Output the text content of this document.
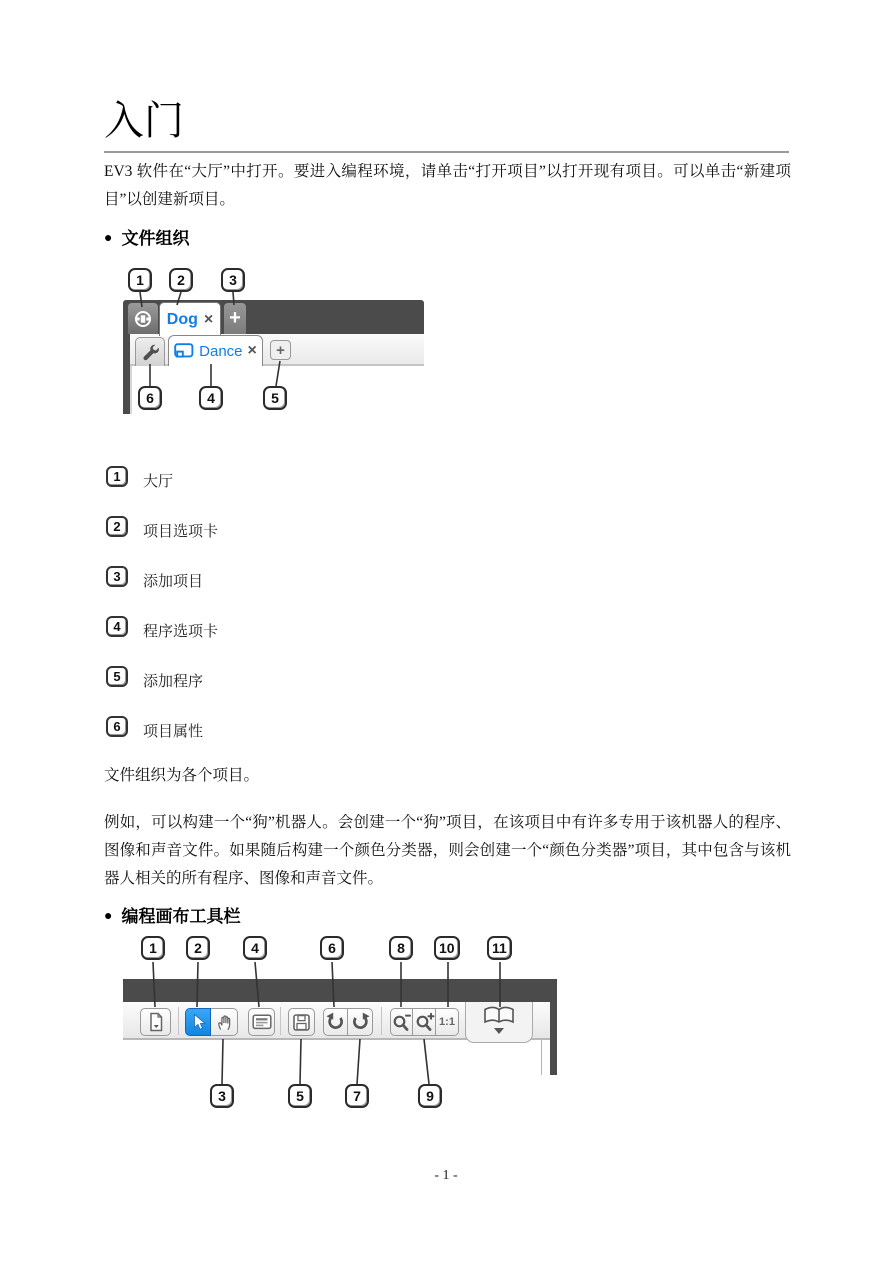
入门
EV3 软件在“大厅”中打开。要进入编程环境，请单击“打开项目”以打开现有项目。可以单击“新建项目”以创建新项目。
● 文件组织
1	2	3
Dog × +
Dance × +
6	4	5
1	大厅
2	项目选项卡
3	添加项目
4	程序选项卡
5	添加程序
6	项目属性
文件组织为各个项目。
例如，可以构建一个“狗”机器人。会创建一个“狗”项目，在该项目中有许多专用于该机器人的程序、图像和声音文件。如果随后构建一个颜色分类器，则会创建一个“颜色分类器”项目，其中包含与该机器人相关的所有程序、图像和声音文件。
● 编程画布工具栏
1	2	4	6	8	10	11
1:1
3	5	7	9
- 1 -
